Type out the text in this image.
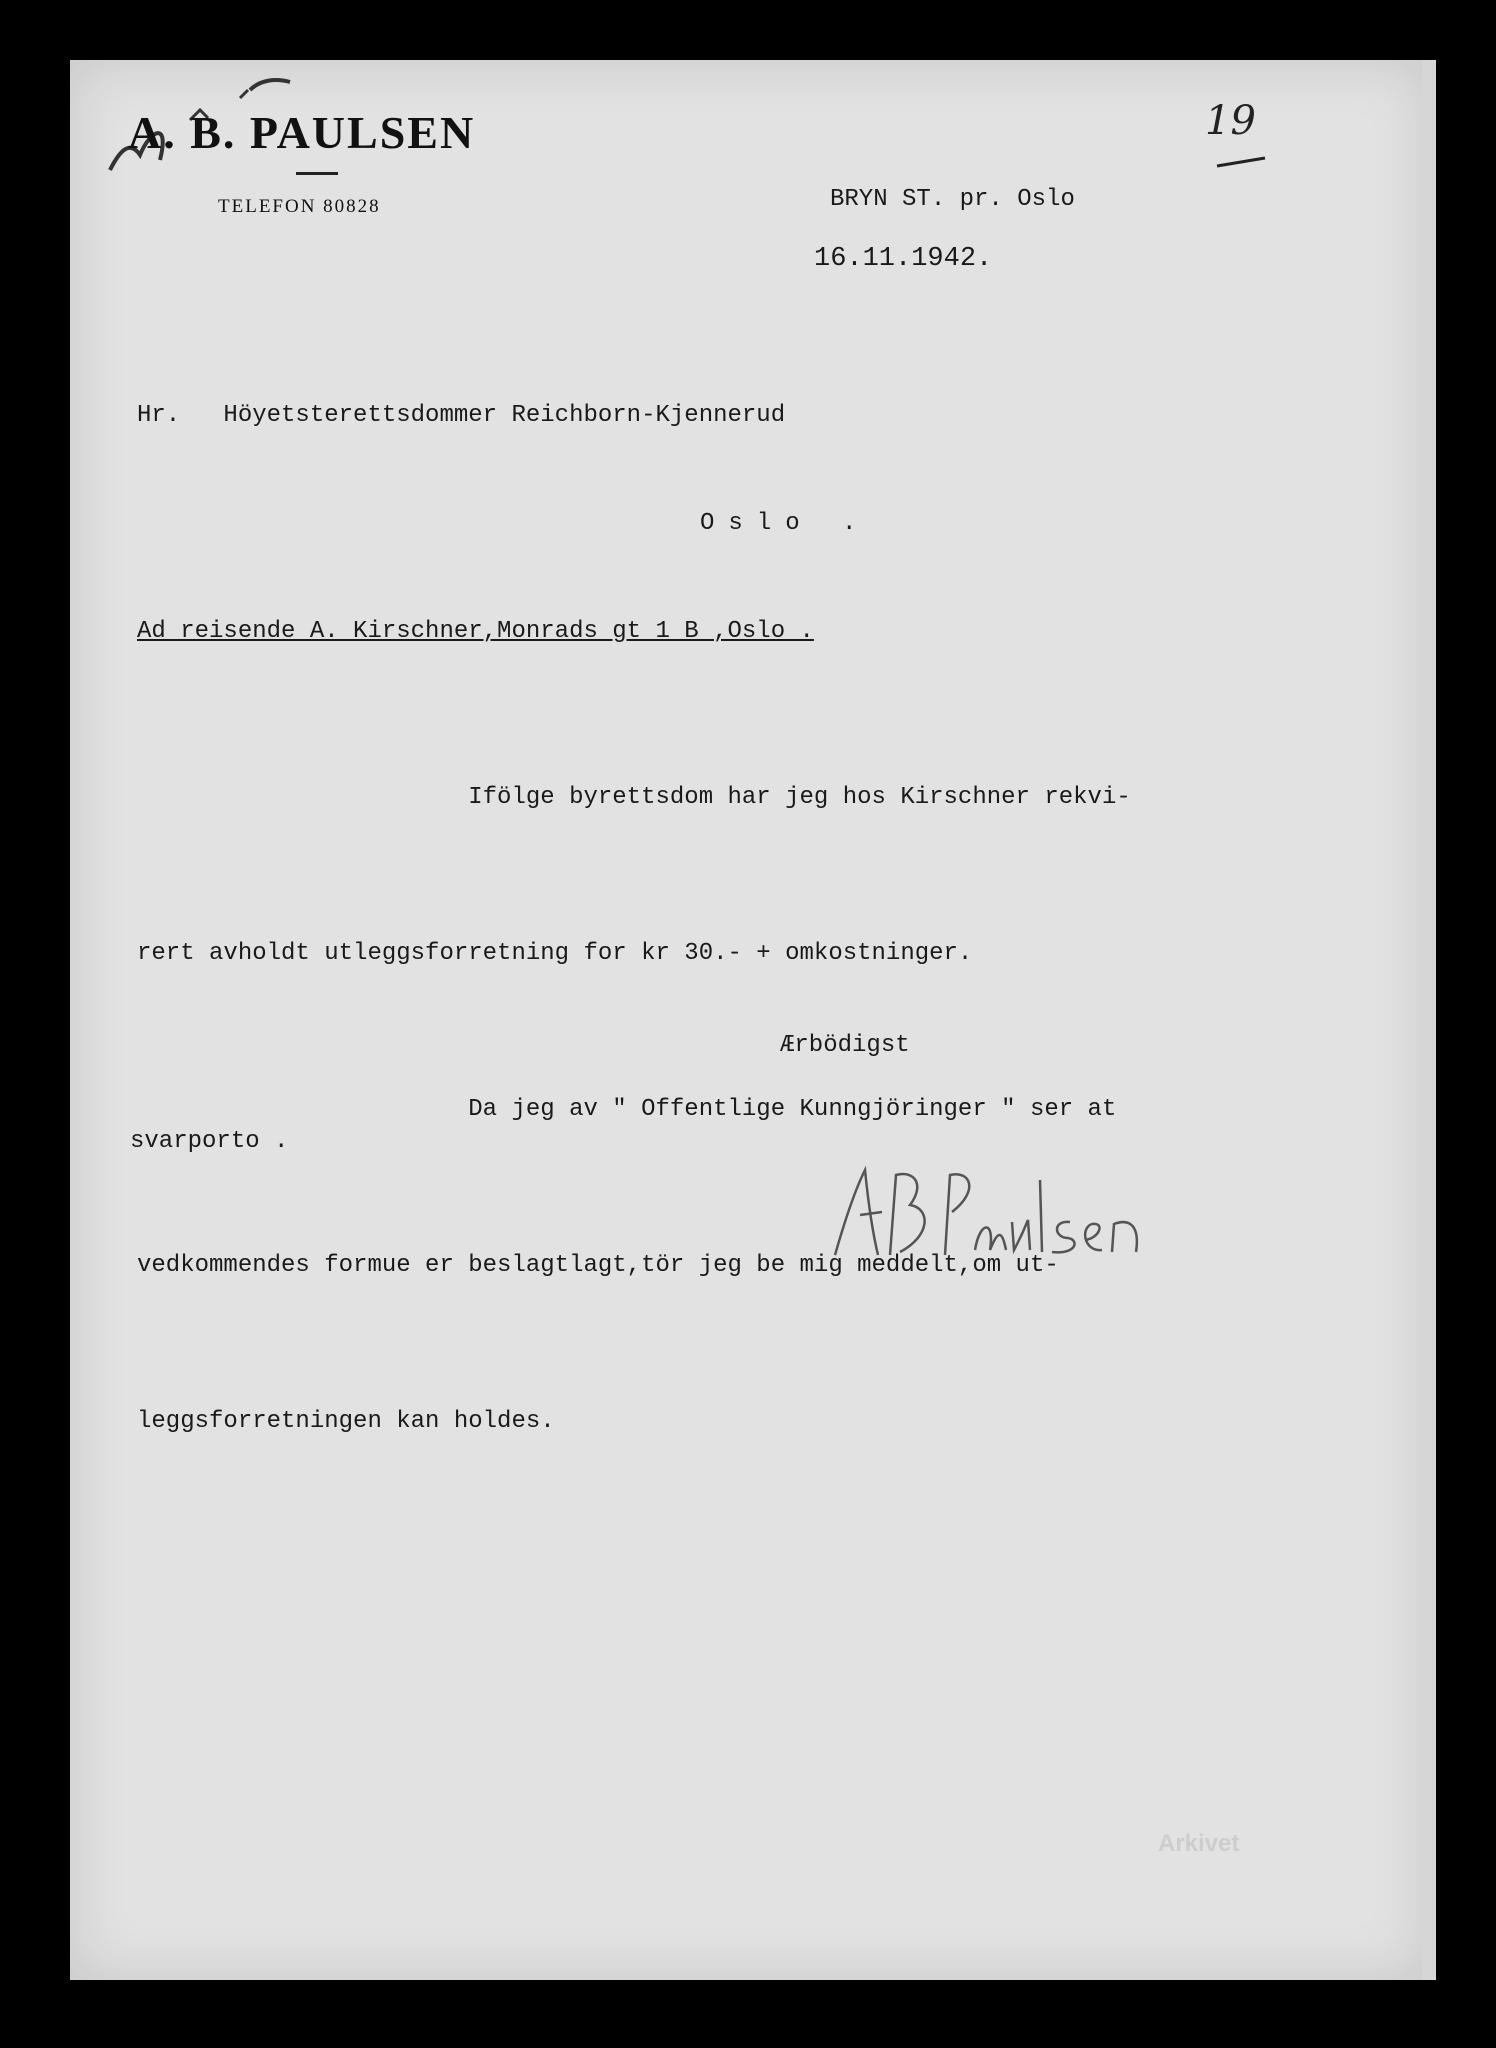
A. B. PAULSEN
TELEFON 80828
19
BRYN ST. pr. Oslo
16.11.1942.
Hr.   Höyetsterettsdommer Reichborn-Kjennerud
Oslo .
Ad reisende A. Kirschner,Monrads gt 1 B ,Oslo .

Ifölge byrettsdom har jeg hos Kirschner rekvi-

rert avholdt utleggsforretning for kr 30.- + omkostninger.

Da jeg av " Offentlige Kunngjöringer " ser at

vedkommendes formue er beslagtlagt,tör jeg be mig meddelt,om ut-

leggsforretningen kan holdes.

Ærbödigst
svarporto .
Arkivet
